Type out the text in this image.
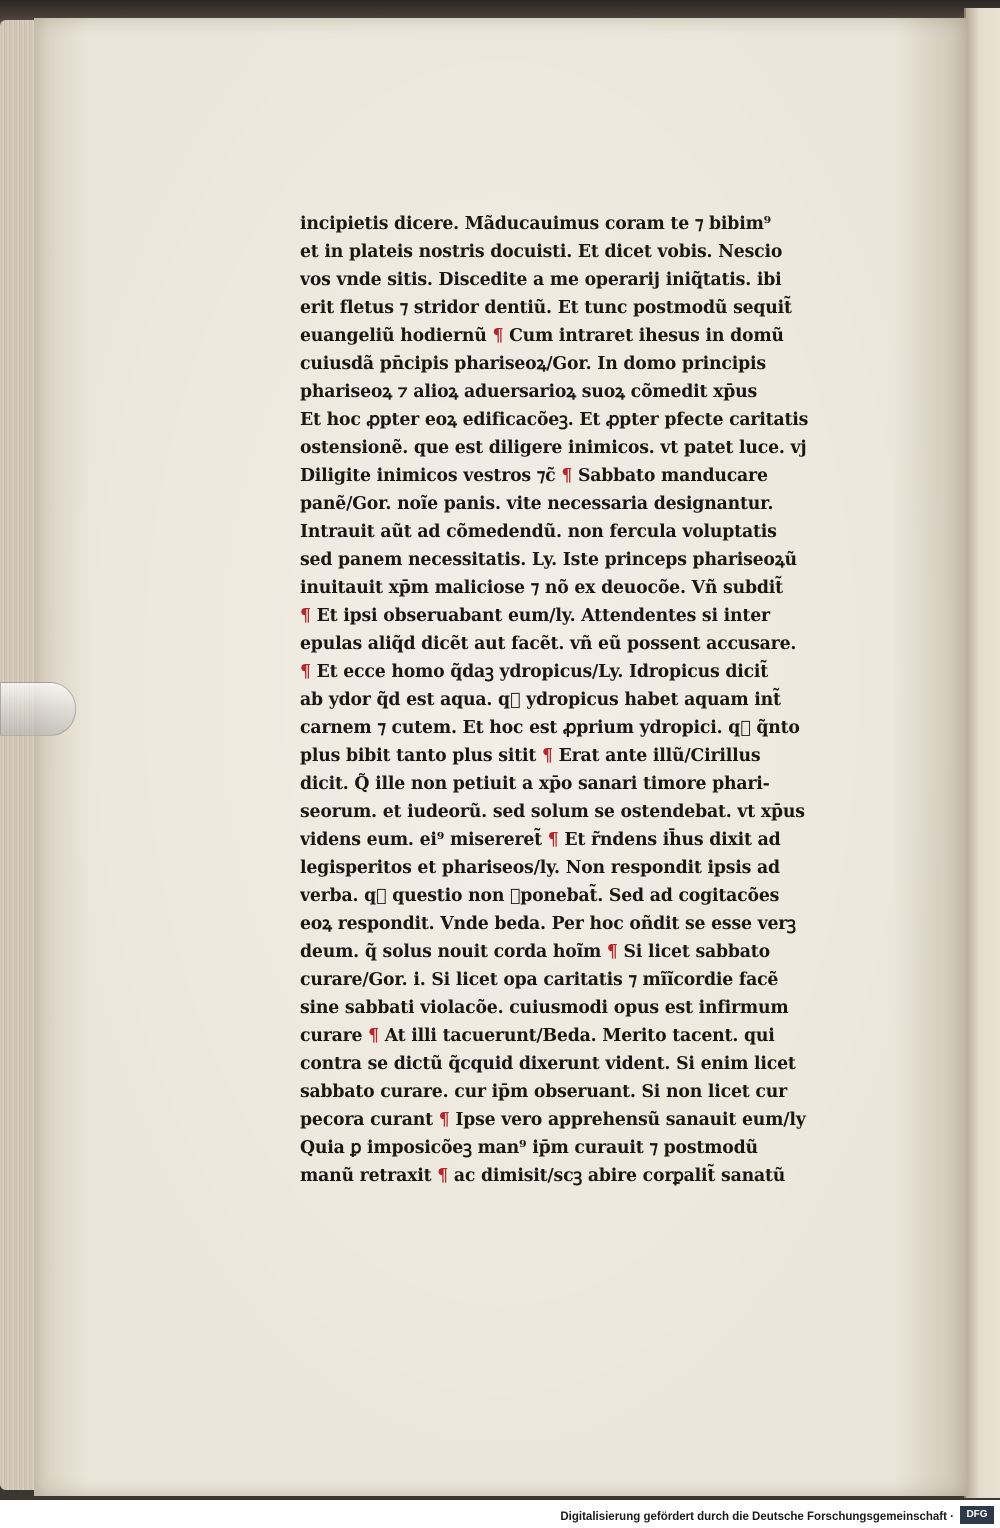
incipietis dicere. Mãducauimus coram te ⁊ bibim⁹
et in plateis nostris docuisti. Et dicet vobis. Nescio
vos vnde sitis. Discedite a me operarij iniqtatis. ibi
erit fletus ⁊ stridor dentiũ. Et tunc postmodũ sequit
euangeliũ hodiernũ ¶ Cum intraret ihesus in domũ
cuiusdã pncipis phariseoꝝ/Gor. In domo principis
phariseoꝝ ⁊ alioꝝ aduersarioꝝ suoꝝ cõmedit xpus
Et hoc ꝓpter eoꝝ edificacõeꝫ. Et ꝓpter pfecte caritatis
ostensionẽ. que est diligere inimicos. vt patet luce. vj
Diligite inimicos vestros ⁊c ¶ Sabbato manducare
panẽ/Gor. noĩe panis. vite necessaria designantur.
Intrauit aũt ad cõmedendũ. non fercula voluptatis
sed panem necessitatis. Ly. Iste princeps phariseoꝝũ
inuitauit xpm maliciose ⁊ nõ ex deuocõe. Vñ subdit
¶ Et ipsi obseruabant eum/ly. Attendentes si inter
epulas aliqd dicẽt aut facẽt. vñ eũ possent accusare.
¶ Et ecce homo qdaꝫ ydropicus/Ly. Idropicus dicit
ab ydor qd est aqua. q ydropicus habet aquam int
carnem ⁊ cutem. Et hoc est ꝓprium ydropici. q qnto
plus bibit tanto plus sitit ¶ Erat ante illũ/Cirillus
dicit. Q ille non petiuit a xpo sanari timore phari-
seorum. et iudeorũ. sed solum se ostendebat. vt xpus
videns eum. ei⁹ misereret ¶ Et rndens ihus dixit ad
legisperitos et phariseos/ly. Non respondit ipsis ad
verba. q questio non ꝓponebat. Sed ad cogitacões
eoꝝ respondit. Vnde beda. Per hoc oñdit se esse verꝫ
deum. q solus nouit corda hoĩm ¶ Si licet sabbato
curare/Gor. i. Si licet opa caritatis ⁊ mĩĩcordie facẽ
sine sabbati violacõe. cuiusmodi opus est infirmum
curare ¶ At illi tacuerunt/Beda. Merito tacent. qui
contra se dictũ qcquid dixerunt vident. Si enim licet
sabbato curare. cur ipm obseruant. Si non licet cur
pecora curant ¶ Ipse vero apprehensũ sanauit eum/ly
Quia ꝑ imposicõeꝫ man⁹ ipm curauit ⁊ postmodũ
manũ retraxit ¶ ac dimisit/scꝫ abire corꝑalit sanatũ
Digitalisierung gefördert durch die Deutsche Forschungsgemeinschaft ·	DFG
